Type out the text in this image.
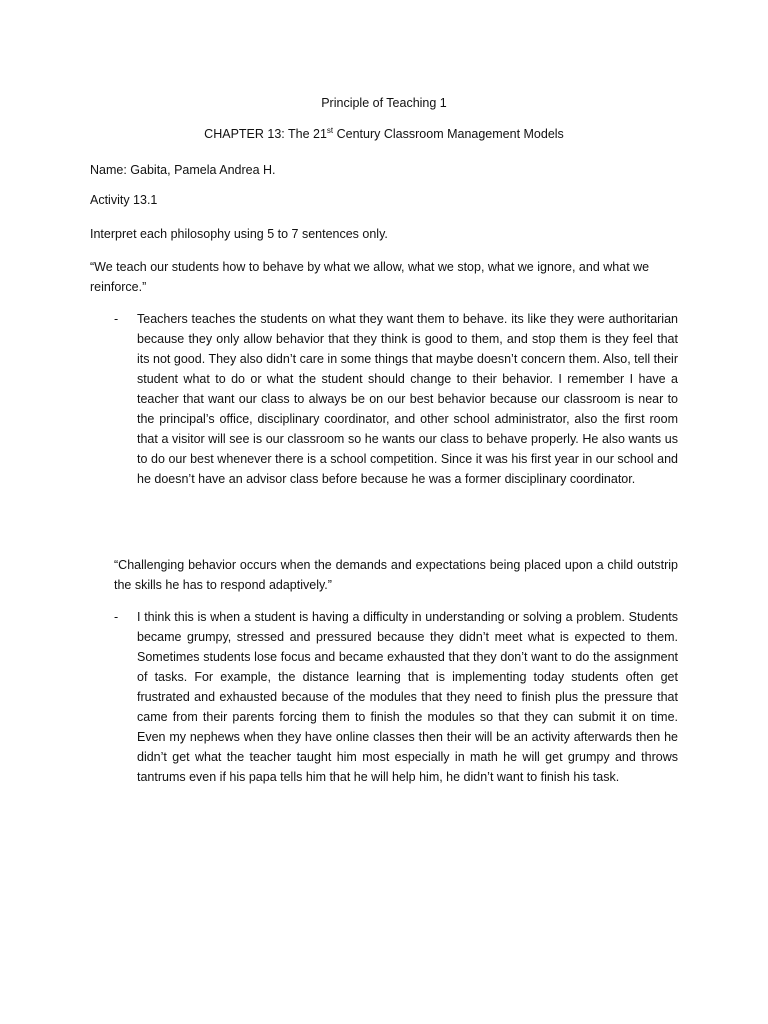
Principle of Teaching 1

CHAPTER 13: The 21st Century Classroom Management Models

Name: Gabita, Pamela Andrea H.

Activity 13.1

Interpret each philosophy using 5 to 7 sentences only.

“We teach our students how to behave by what we allow, what we stop, what we ignore, and what we reinforce.”

- Teachers teaches the students on what they want them to behave. its like they were authoritarian because they only allow behavior that they think is good to them, and stop them is they feel that its not good. They also didn’t care in some things that maybe doesn’t concern them. Also, tell their student what to do or what the student should change to their behavior. I remember I have a teacher that want our class to always be on our best behavior because our classroom is near to the principal’s office, disciplinary coordinator, and other school administrator, also the first room that a visitor will see is our classroom so he wants our class to behave properly. He also wants us to do our best whenever there is a school competition. Since it was his first year in our school and he doesn’t have an advisor class before because he was a former disciplinary coordinator.

“Challenging behavior occurs when the demands and expectations being placed upon a child outstrip the skills he has to respond adaptively.”

- I think this is when a student is having a difficulty in understanding or solving a problem. Students became grumpy, stressed and pressured because they didn’t meet what is expected to them. Sometimes students lose focus and became exhausted that they don’t want to do the assignment of tasks. For example, the distance learning that is implementing today students often get frustrated and exhausted because of the modules that they need to finish plus the pressure that came from their parents forcing them to finish the modules so that they can submit it on time. Even my nephews when they have online classes then their will be an activity afterwards then he didn’t get what the teacher taught him most especially in math he will get grumpy and throws tantrums even if his papa tells him that he will help him, he didn’t want to finish his task.
